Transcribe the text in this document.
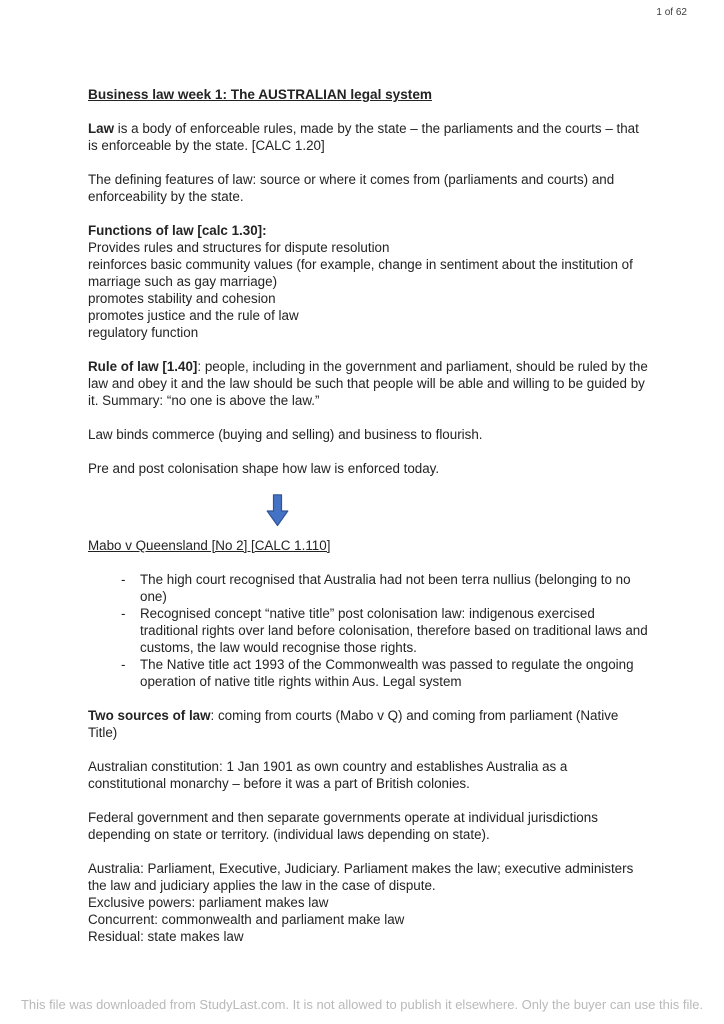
1 of 62
Business law week 1: The AUSTRALIAN legal system

Law is a body of enforceable rules, made by the state – the parliaments and the courts – that is enforceable by the state. [CALC 1.20]

The defining features of law: source or where it comes from (parliaments and courts) and enforceability by the state.

Functions of law [calc 1.30]:
Provides rules and structures for dispute resolution
reinforces basic community values (for example, change in sentiment about the institution of marriage such as gay marriage)
promotes stability and cohesion
promotes justice and the rule of law
regulatory function

Rule of law [1.40]: people, including in the government and parliament, should be ruled by the law and obey it and the law should be such that people will be able and willing to be guided by it. Summary: “no one is above the law.”

Law binds commerce (buying and selling) and business to flourish.

Pre and post colonisation shape how law is enforced today.

Mabo v Queensland [No 2] [CALC 1.110]
- The high court recognised that Australia had not been terra nullius (belonging to no one)
- Recognised concept “native title” post colonisation law: indigenous exercised traditional rights over land before colonisation, therefore based on traditional laws and customs, the law would recognise those rights.
- The Native title act 1993 of the Commonwealth was passed to regulate the ongoing operation of native title rights within Aus. Legal system

Two sources of law: coming from courts (Mabo v Q) and coming from parliament (Native Title)

Australian constitution: 1 Jan 1901 as own country and establishes Australia as a constitutional monarchy – before it was a part of British colonies.

Federal government and then separate governments operate at individual jurisdictions depending on state or territory. (individual laws depending on state).

Australia: Parliament, Executive, Judiciary. Parliament makes the law; executive administers the law and judiciary applies the law in the case of dispute.
Exclusive powers: parliament makes law
Concurrent: commonwealth and parliament make law
Residual: state makes law
This file was downloaded from StudyLast.com. It is not allowed to publish it elsewhere. Only the buyer can use this file.
